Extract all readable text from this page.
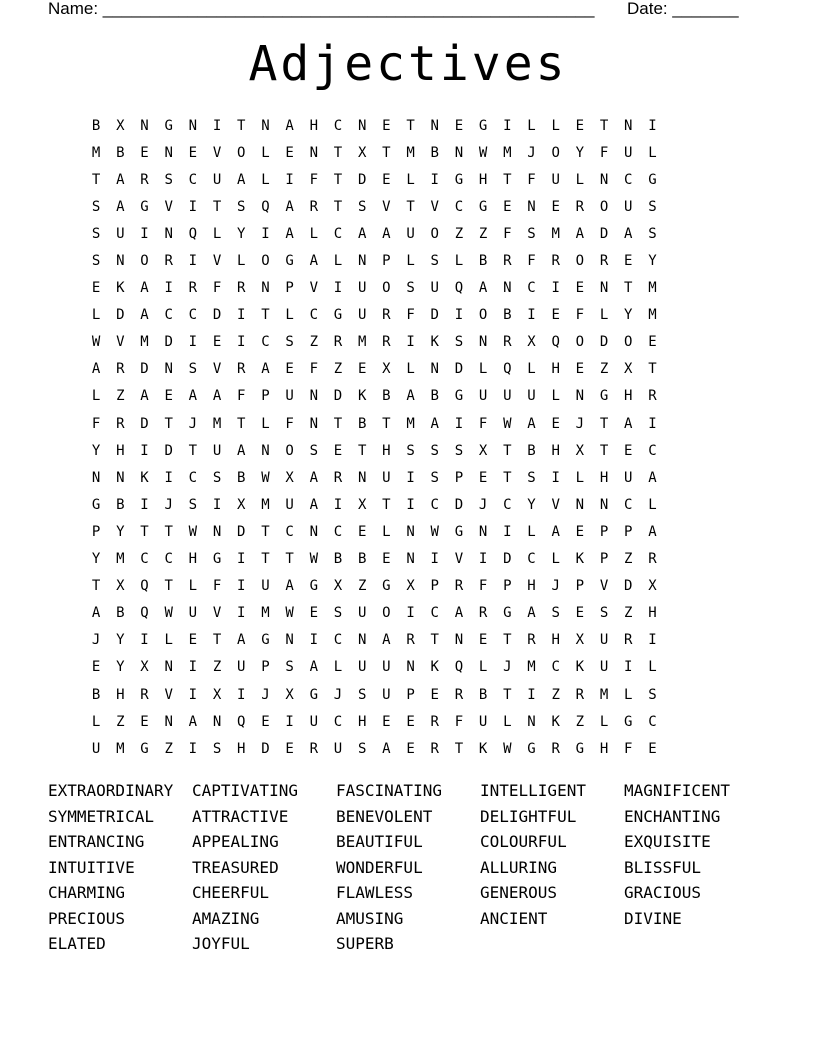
Name: ____________________________________________________ Date: _______
Adjectives
B	X	N	G	N	I	T	N	A	H	C	N	E	T	N	E	G	I	L	L	E	T	N	I
M	B	E	N	E	V	O	L	E	N	T	X	T	M	B	N	W	M	J	O	Y	F	U	L
T	A	R	S	C	U	A	L	I	F	T	D	E	L	I	G	H	T	F	U	L	N	C	G
S	A	G	V	I	T	S	Q	A	R	T	S	V	T	V	C	G	E	N	E	R	O	U	S
S	U	I	N	Q	L	Y	I	A	L	C	A	A	U	O	Z	Z	F	S	M	A	D	A	S
S	N	O	R	I	V	L	O	G	A	L	N	P	L	S	L	B	R	F	R	O	R	E	Y
E	K	A	I	R	F	R	N	P	V	I	U	O	S	U	Q	A	N	C	I	E	N	T	M
L	D	A	C	C	D	I	T	L	C	G	U	R	F	D	I	O	B	I	E	F	L	Y	M
W	V	M	D	I	E	I	C	S	Z	R	M	R	I	K	S	N	R	X	Q	O	D	O	E
A	R	D	N	S	V	R	A	E	F	Z	E	X	L	N	D	L	Q	L	H	E	Z	X	T
L	Z	A	E	A	A	F	P	U	N	D	K	B	A	B	G	U	U	U	L	N	G	H	R
F	R	D	T	J	M	T	L	F	N	T	B	T	M	A	I	F	W	A	E	J	T	A	I
Y	H	I	D	T	U	A	N	O	S	E	T	H	S	S	S	X	T	B	H	X	T	E	C
N	N	K	I	C	S	B	W	X	A	R	N	U	I	S	P	E	T	S	I	L	H	U	A
G	B	I	J	S	I	X	M	U	A	I	X	T	I	C	D	J	C	Y	V	N	N	C	L
P	Y	T	T	W	N	D	T	C	N	C	E	L	N	W	G	N	I	L	A	E	P	P	A
Y	M	C	C	H	G	I	T	T	W	B	B	E	N	I	V	I	D	C	L	K	P	Z	R
T	X	Q	T	L	F	I	U	A	G	X	Z	G	X	P	R	F	P	H	J	P	V	D	X
A	B	Q	W	U	V	I	M	W	E	S	U	O	I	C	A	R	G	A	S	E	S	Z	H
J	Y	I	L	E	T	A	G	N	I	C	N	A	R	T	N	E	T	R	H	X	U	R	I
E	Y	X	N	I	Z	U	P	S	A	L	U	U	N	K	Q	L	J	M	C	K	U	I	L
B	H	R	V	I	X	I	J	X	G	J	S	U	P	E	R	B	T	I	Z	R	M	L	S
L	Z	E	N	A	N	Q	E	I	U	C	H	E	E	R	F	U	L	N	K	Z	L	G	C
U	M	G	Z	I	S	H	D	E	R	U	S	A	E	R	T	K	W	G	R	G	H	F	E
EXTRAORDINARY	CAPTIVATING	FASCINATING	INTELLIGENT	MAGNIFICENT
SYMMETRICAL	ATTRACTIVE	BENEVOLENT	DELIGHTFUL	ENCHANTING
ENTRANCING	APPEALING	BEAUTIFUL	COLOURFUL	EXQUISITE
INTUITIVE	TREASURED	WONDERFUL	ALLURING	BLISSFUL
CHARMING	CHEERFUL	FLAWLESS	GENEROUS	GRACIOUS
PRECIOUS	AMAZING	AMUSING	ANCIENT	DIVINE
ELATED	JOYFUL	SUPERB
